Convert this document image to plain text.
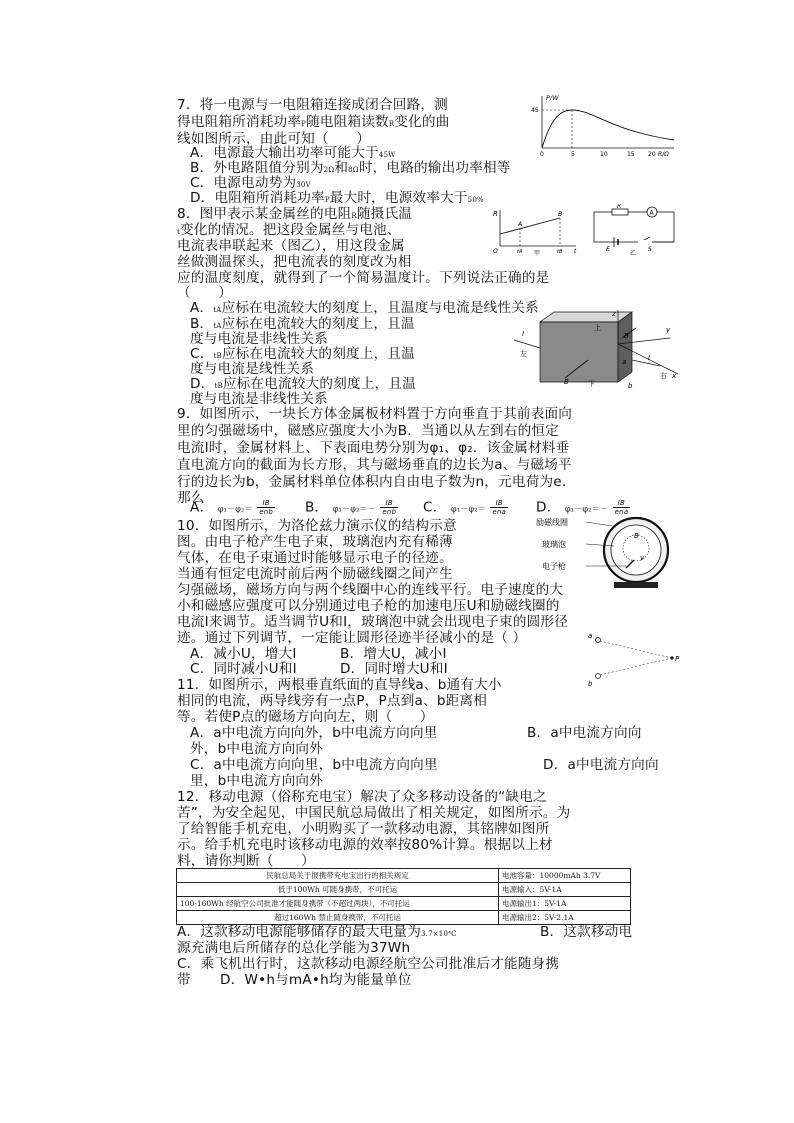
7．将一电源与一电阻箱连接成闭合回路，测
得电阻箱所消耗功率P随电阻箱读数R变化的曲
线如图所示，由此可知（　　）
A．电源最大输出功率可能大于45W
B．外电路阻值分别为2Ω和8Ω时，电路的输出功率相等
C．电源电动势为30V
D．电阻箱所消耗功率P最大时，电源效率大于50%
P/W
45
R/Ω
0	5	10	15 20
8．图甲表示某金属丝的电阻R随摄氏温
t变化的情况。把这段金属丝与电池、
电流表串联起来（图乙），用这段金属
丝做测温探头，把电流表的刻度改为相
应的温度刻度，就得到了一个简易温度计。下列说法正确的是
（　　）
A．tA应标在电流较大的刻度上，且温度与电流是线性关系
B．tA应标在电流较大的刻度上，且温
度与电流是非线性关系
C．tB应标在电流较大的刻度上，且温
度与电流是线性关系
D．tB应标在电流较大的刻度上，且温
度与电流是非线性关系
R
A
B
O	tA	tB t
甲
R
A
E	S
乙
I
I
左
右
上
下
B
B
a
b
x
y
z
9．如图所示，一块长方体金属板材料置于方向垂直于其前表面向
里的匀强磁场中，磁感应强度大小为B．当通以从左到右的恒定
电流I时，金属材料上、下表面电势分别为φ₁、φ₂．该金属材料垂
直电流方向的截面为长方形，其与磁场垂直的边长为a、与磁场平
行的边长为b，金属材料单位体积内自由电子数为n，元电荷为e．
那么
A． $\varphi_1-\varphi_2= \frac{IB}{\text{enb}}$ B． $\varphi_1-\varphi_2=- \frac{IB}{\text{enb}}$ C． $\varphi_1-\varphi_2= \frac{IB}{\text{ena}}$ D． $\varphi_1-\varphi_2=- \frac{IB}{\text{ena}}$
10．如图所示，为洛伦兹力演示仪的结构示意
图。由电子枪产生电子束，玻璃泡内充有稀薄
气体，在电子束通过时能够显示电子的径迹。
当通有恒定电流时前后两个励磁线圈之间产生
匀强磁场，磁场方向与两个线圈中心的连线平行。电子速度的大
小和磁感应强度可以分别通过电子枪的加速电压U和励磁线圈的
电流I来调节。适当调节U和I，玻璃泡中就会出现电子束的圆形径
迹。通过下列调节，一定能让圆形径迹半径减小的是（ ）
A．减小U，增大I	B．增大U，减小I
C．同时减小U和I	D．同时增大U和I
励磁线圈
玻璃泡
电子枪
B
v
11．如图所示，两根垂直纸面的直导线a、b通有大小
相同的电流，两导线旁有一点P，P点到a、b距离相
等。若使P点的磁场方向向左，则（　　）
A．a中电流方向向外，b中电流方向向里	B．a中电流方向向
外，b中电流方向向外
C．a中电流方向向里，b中电流方向向里	D．a中电流方向向
里，b中电流方向向外
a
b
P
12．移动电源（俗称充电宝）解决了众多移动设备的“缺电之
苦”，为安全起见，中国民航总局做出了相关规定，如图所示。为
了给智能手机充电，小明购买了一款移动电源，其铭牌如图所
示。给手机充电时该移动电源的效率按80%计算。根据以上材
料，请你判断（　　）
民航总局关于报携带充电宝出行的相关规定	电池容量：10000mAh 3.7V
低于100Wh 可随身携带，不可托运	电源输入：5V-1A
100-160Wh 经航空公司批准才能随身携带（不超过两块），不可托运	电源输出1：5V-1A
超过160Wh 禁止随身携带，不可托运	电源输出2：5V-2.1A
A．这款移动电源能够储存的最大电量为3.7×10⁴C	B．这款移动电
源充满电后所储存的总化学能为37Wh
C．乘飞机出行时，这款移动电源经航空公司批准后才能随身携
带 D．W•h与mA•h均为能量单位
